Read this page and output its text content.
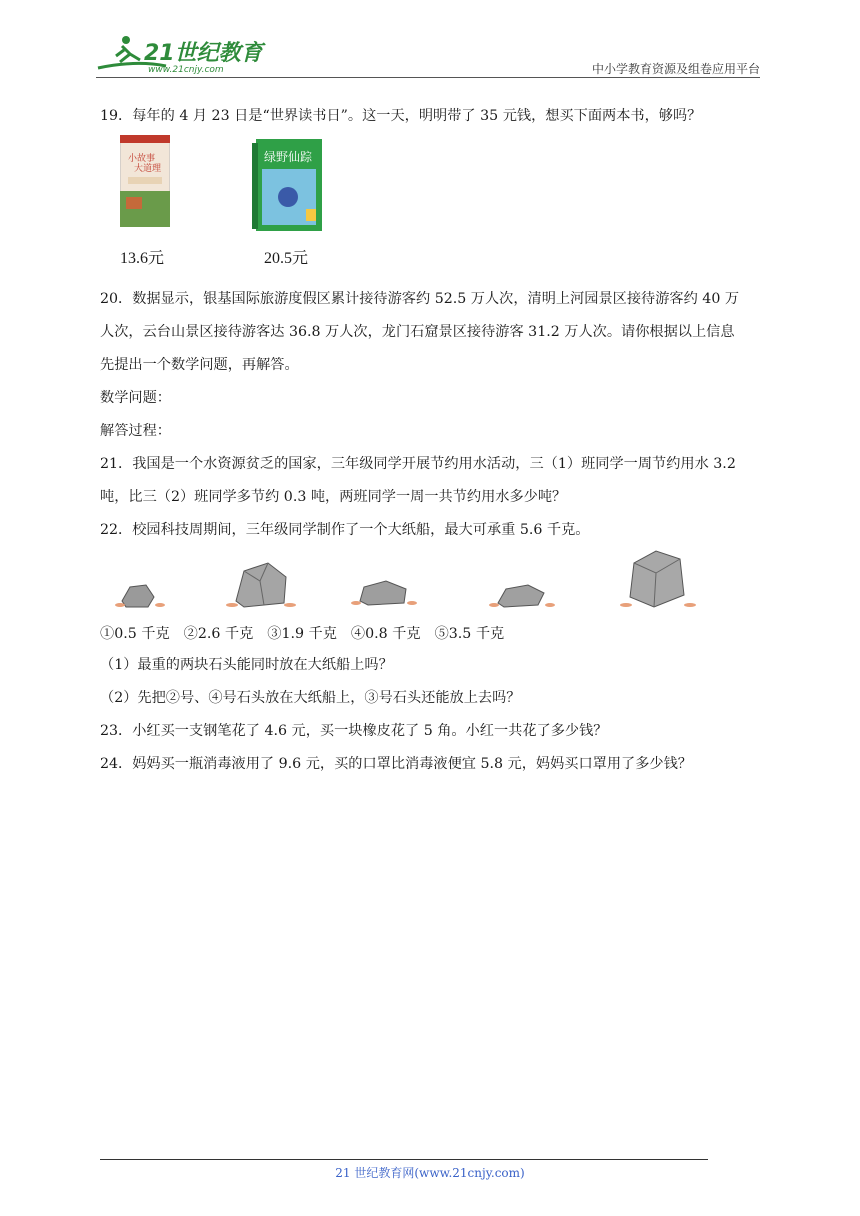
21世纪教育
www.21cnjy.com	中小学教育资源及组卷应用平台

19．每年的 4 月 23 日是“世界读书日”。这一天，明明带了 35 元钱，想买下面两本书，够吗？

小故事
大道理
绿野仙踪
13.6元	20.5元

20．数据显示，银基国际旅游度假区累计接待游客约 52.5 万人次，清明上河园景区接待游客约 40 万

人次，云台山景区接待游客达 36.8 万人次，龙门石窟景区接待游客 31.2 万人次。请你根据以上信息

先提出一个数学问题，再解答。

数学问题：

解答过程：

21．我国是一个水资源贫乏的国家，三年级同学开展节约用水活动，三（1）班同学一周节约用水 3.2

吨，比三（2）班同学多节约 0.3 吨，两班同学一周一共节约用水多少吨？

22．校园科技周期间，三年级同学制作了一个大纸船，最大可承重 5.6 千克。

①0.5 千克 ②2.6 千克 ③1.9 千克 ④0.8 千克 ⑤3.5 千克

（1）最重的两块石头能同时放在大纸船上吗？

（2）先把②号、④号石头放在大纸船上，③号石头还能放上去吗？

23．小红买一支钢笔花了 4.6 元，买一块橡皮花了 5 角。小红一共花了多少钱？

24．妈妈买一瓶消毒液用了 9.6 元，买的口罩比消毒液便宜 5.8 元，妈妈买口罩用了多少钱？

21 世纪教育网(www.21cnjy.com)
